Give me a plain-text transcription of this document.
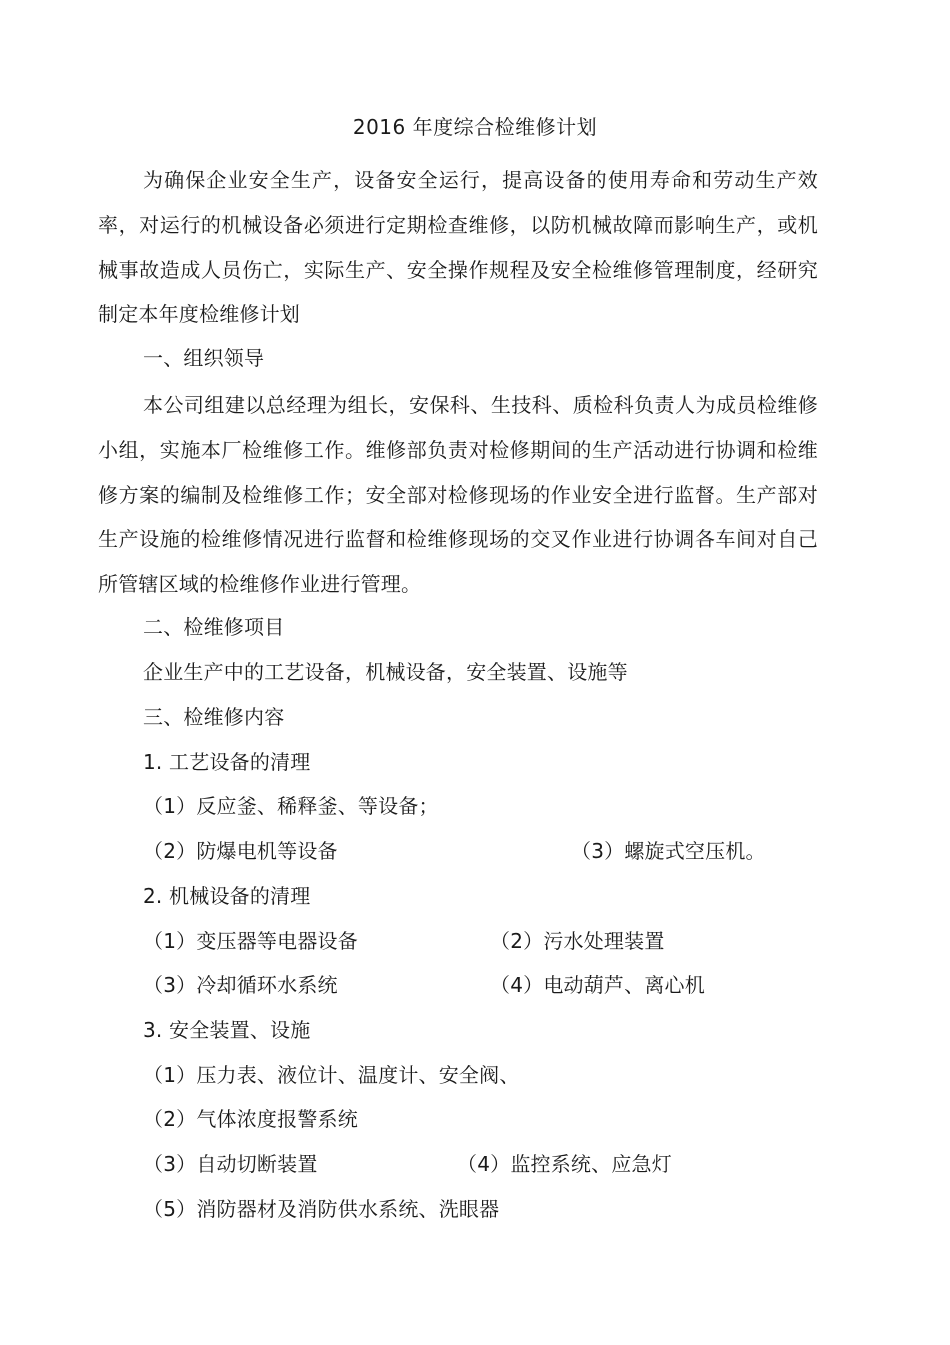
2016 年度综合检维修计划

为确保企业安全生产，设备安全运行，提高设备的使用寿命和劳动生产效率，对运行的机械设备必须进行定期检查维修，以防机械故障而影响生产，或机械事故造成人员伤亡，实际生产、安全操作规程及安全检维修管理制度，经研究制定本年度检维修计划

一、组织领导

本公司组建以总经理为组长，安保科、生技科、质检科负责人为成员检维修小组，实施本厂检维修工作。维修部负责对检修期间的生产活动进行协调和检维修方案的编制及检维修工作；安全部对检修现场的作业安全进行监督。生产部对生产设施的检维修情况进行监督和检维修现场的交叉作业进行协调各车间对自己所管辖区域的检维修作业进行管理。

二、检维修项目
企业生产中的工艺设备，机械设备，安全装置、设施等
三、检维修内容
1. 工艺设备的清理
（1）反应釜、稀释釜、等设备；
（2）防爆电机等设备	（3）螺旋式空压机。
2. 机械设备的清理
（1）变压器等电器设备	（2）污水处理装置
（3）冷却循环水系统	（4）电动葫芦、离心机
3. 安全装置、设施
（1）压力表、液位计、温度计、安全阀、
（2）气体浓度报警系统
（3）自动切断装置	（4）监控系统、应急灯
（5）消防器材及消防供水系统、洗眼器
